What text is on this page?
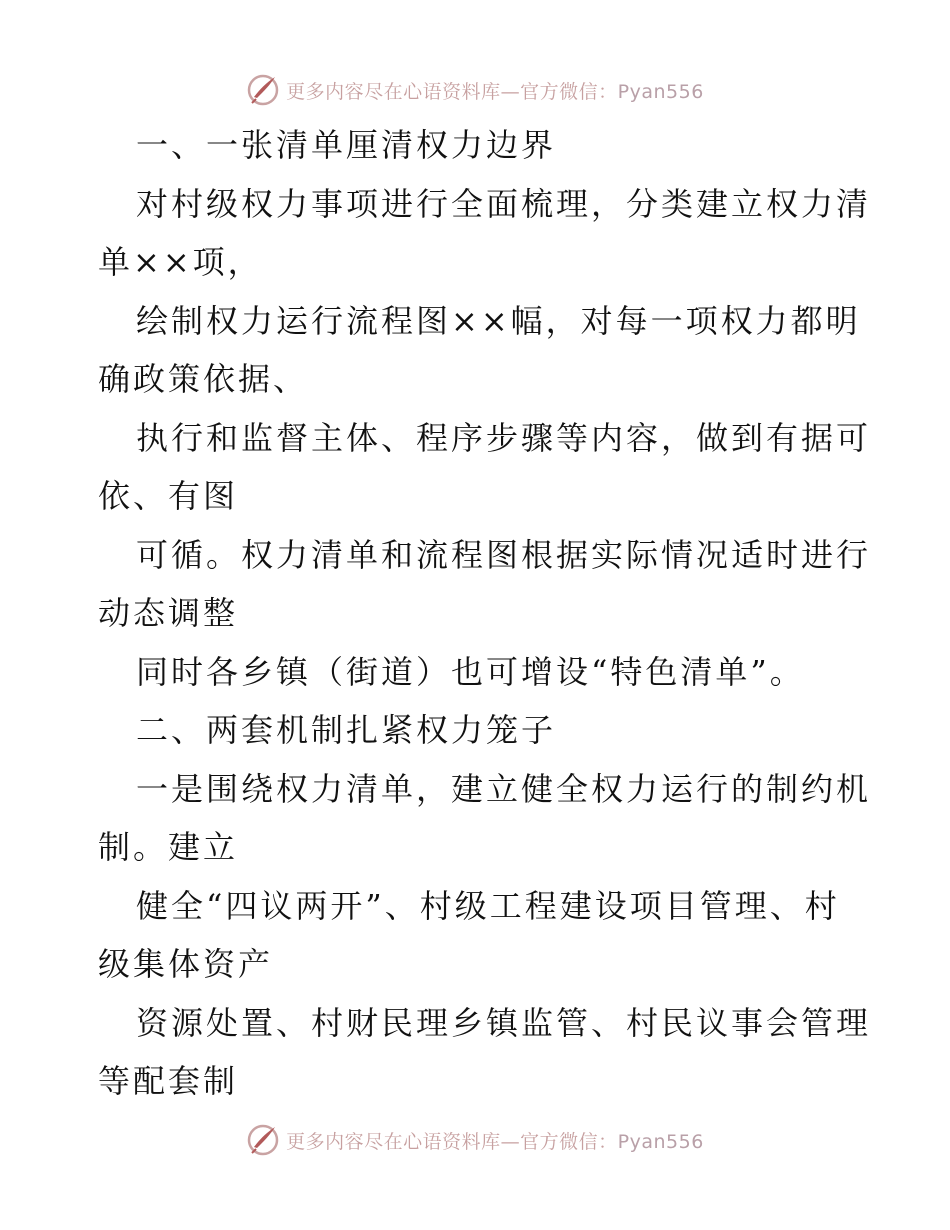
更多内容尽在心语资料库—官方微信：Pyan556
一、一张清单厘清权力边界
对村级权力事项进行全面梳理，分类建立权力清
单××项，
绘制权力运行流程图××幅，对每一项权力都明
确政策依据、
执行和监督主体、程序步骤等内容，做到有据可
依、有图
可循。权力清单和流程图根据实际情况适时进行
动态调整
同时各乡镇（街道）也可增设“特色清单”。
二、两套机制扎紧权力笼子
一是围绕权力清单，建立健全权力运行的制约机
制。建立
健全“四议两开”、村级工程建设项目管理、村
级集体资产
资源处置、村财民理乡镇监管、村民议事会管理
等配套制
更多内容尽在心语资料库—官方微信：Pyan556
